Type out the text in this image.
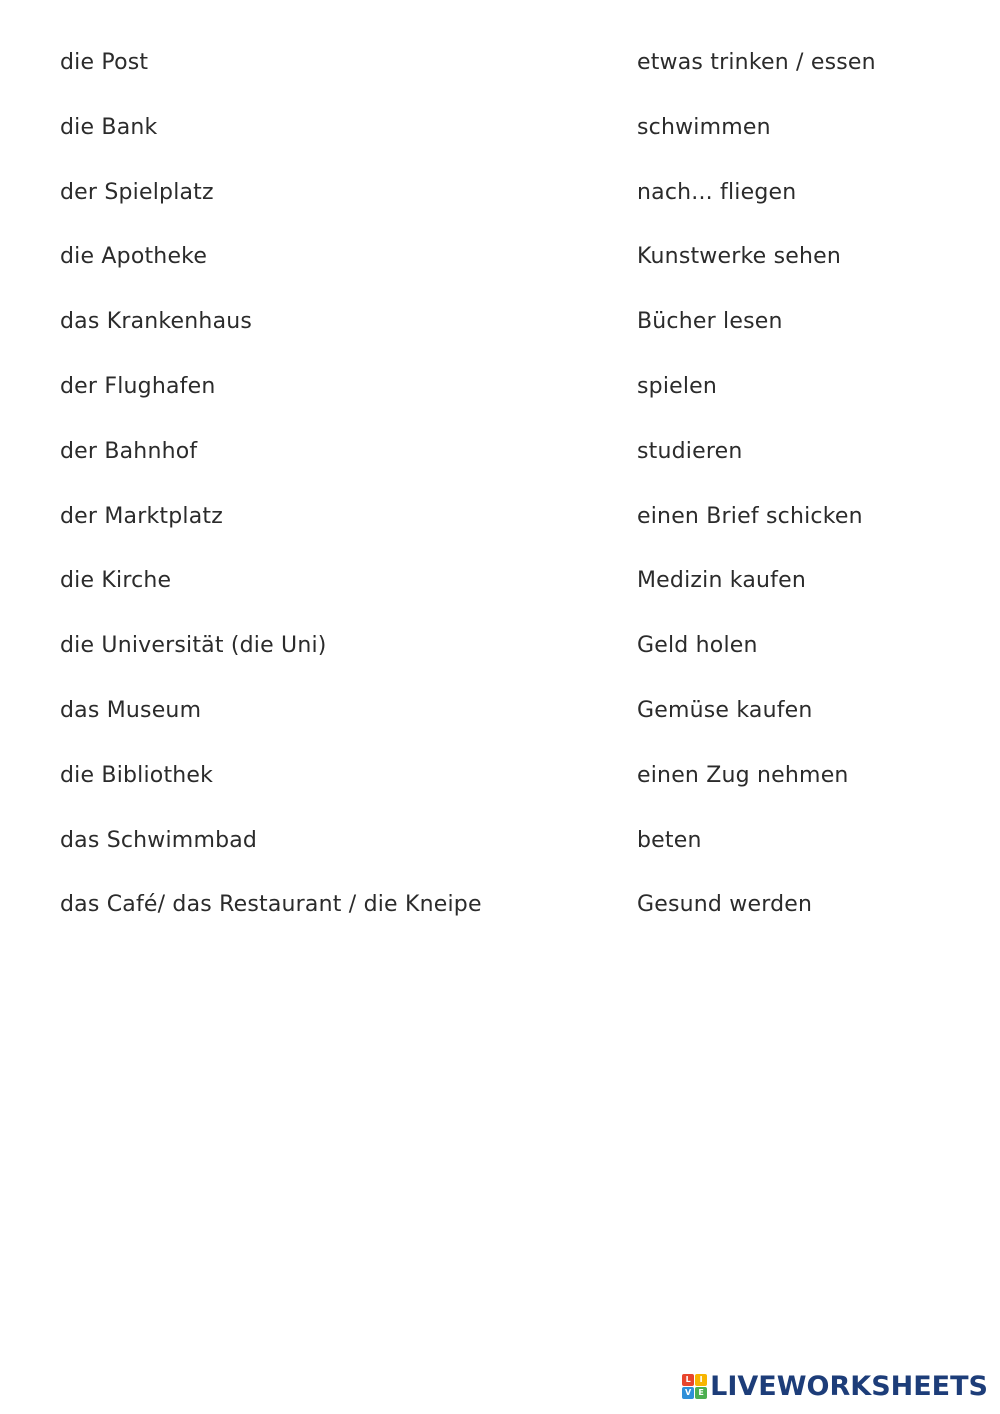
die Post
die Bank
der Spielplatz
die Apotheke
das Krankenhaus
der Flughafen
der Bahnhof
der Marktplatz
die Kirche
die Universität (die Uni)
das Museum
die Bibliothek
das Schwimmbad
das Café/ das Restaurant / die Kneipe
etwas trinken / essen
schwimmen
nach... fliegen
Kunstwerke sehen
Bücher lesen
spielen
studieren
einen Brief schicken
Medizin kaufen
Geld holen
Gemüse kaufen
einen Zug nehmen
beten
Gesund werden
L	I
V E LIVEWORKSHEETS
